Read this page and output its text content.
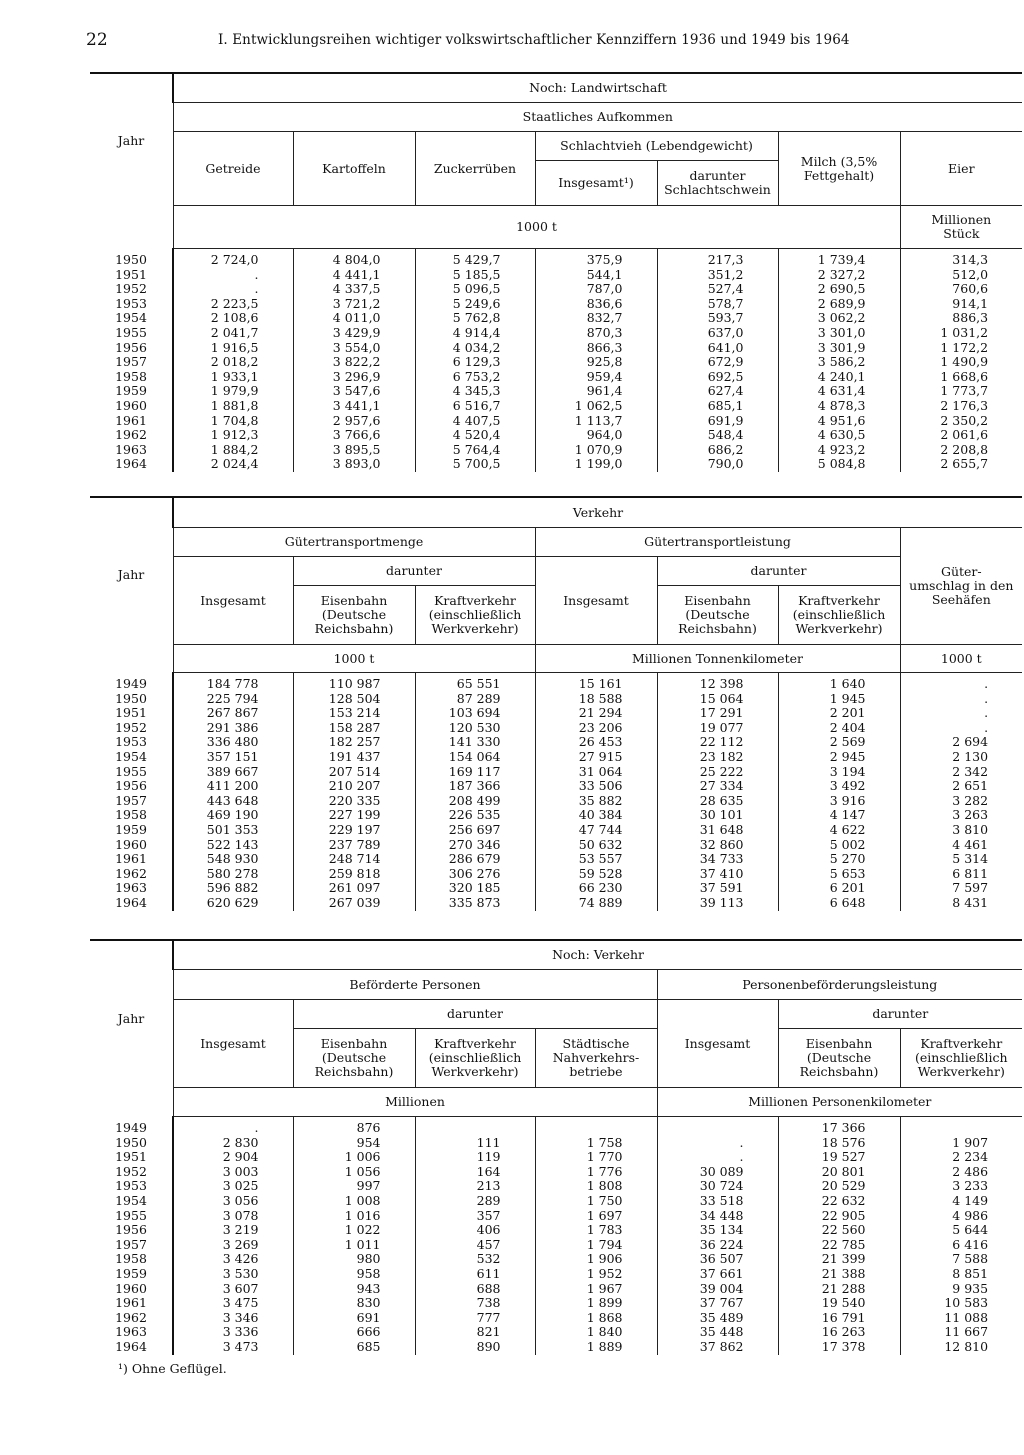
22	I. Entwicklungsreihen wichtiger volkswirtschaftlicher Kennziffern 1936 und 1949 bis 1964
Jahr	Noch: Landwirtschaft						
	Staatliches Aufkommen						
	Getreide	Kartoffeln	Zuckerrüben	Schlachtvieh (Lebendgewicht)		Milch (3,5%
Fettgehalt)	Eier
				Insgesamt¹)	darunter
Schlachtschwein		
	1000 t						Millionen
Stück
1950	2 724,0	4 804,0	5 429,7	375,9	217,3	1 739,4	314,3
1951	.	4 441,1	5 185,5	544,1	351,2	2 327,2	512,0
1952	.	4 337,5	5 096,5	787,0	527,4	2 690,5	760,6
1953	2 223,5	3 721,2	5 249,6	836,6	578,7	2 689,9	914,1
1954	2 108,6	4 011,0	5 762,8	832,7	593,7	3 062,2	886,3
1955	2 041,7	3 429,9	4 914,4	870,3	637,0	3 301,0	1 031,2
1956	1 916,5	3 554,0	4 034,2	866,3	641,0	3 301,9	1 172,2
1957	2 018,2	3 822,2	6 129,3	925,8	672,9	3 586,2	1 490,9
1958	1 933,1	3 296,9	6 753,2	959,4	692,5	4 240,1	1 668,6
1959	1 979,9	3 547,6	4 345,3	961,4	627,4	4 631,4	1 773,7
1960	1 881,8	3 441,1	6 516,7	1 062,5	685,1	4 878,3	2 176,3
1961	1 704,8	2 957,6	4 407,5	1 113,7	691,9	4 951,6	2 350,2
1962	1 912,3	3 766,6	4 520,4	964,0	548,4	4 630,5	2 061,6
1963	1 884,2	3 895,5	5 764,4	1 070,9	686,2	4 923,2	2 208,8
1964	2 024,4	3 893,0	5 700,5	1 199,0	790,0	5 084,8	2 655,7
Jahr	Verkehr						
	Gütertransportmenge			Gütertransportleistung			Güter-
umschlag in den
Seehäfen
	Insgesamt	darunter		Insgesamt	darunter		
		Eisenbahn
(Deutsche
Reichsbahn)	Kraftverkehr
(einschließlich
Werkverkehr)		Eisenbahn
(Deutsche
Reichsbahn)	Kraftverkehr
(einschließlich
Werkverkehr)	
	1000 t			Millionen Tonnenkilometer			1000 t
1949	184 778	110 987	65 551	15 161	12 398	1 640	.
1950	225 794	128 504	87 289	18 588	15 064	1 945	.
1951	267 867	153 214	103 694	21 294	17 291	2 201	.
1952	291 386	158 287	120 530	23 206	19 077	2 404	.
1953	336 480	182 257	141 330	26 453	22 112	2 569	2 694
1954	357 151	191 437	154 064	27 915	23 182	2 945	2 130
1955	389 667	207 514	169 117	31 064	25 222	3 194	2 342
1956	411 200	210 207	187 366	33 506	27 334	3 492	2 651
1957	443 648	220 335	208 499	35 882	28 635	3 916	3 282
1958	469 190	227 199	226 535	40 384	30 101	4 147	3 263
1959	501 353	229 197	256 697	47 744	31 648	4 622	3 810
1960	522 143	237 789	270 346	50 632	32 860	5 002	4 461
1961	548 930	248 714	286 679	53 557	34 733	5 270	5 314
1962	580 278	259 818	306 276	59 528	37 410	5 653	6 811
1963	596 882	261 097	320 185	66 230	37 591	6 201	7 597
1964	620 629	267 039	335 873	74 889	39 113	6 648	8 431
Jahr	Noch: Verkehr						
	Beförderte Personen				Personenbeförderungsleistung		
	Insgesamt	darunter			Insgesamt	darunter	
		Eisenbahn
(Deutsche
Reichsbahn)	Kraftverkehr
(einschließlich
Werkverkehr)	Städtische
Nahverkehrs-
betriebe		Eisenbahn
(Deutsche
Reichsbahn)	Kraftverkehr
(einschließlich
Werkverkehr)
	Millionen				Millionen Personenkilometer		
1949	.	876				17 366	
1950	2 830	954	111	1 758	.	18 576	1 907
1951	2 904	1 006	119	1 770	.	19 527	2 234
1952	3 003	1 056	164	1 776	30 089	20 801	2 486
1953	3 025	997	213	1 808	30 724	20 529	3 233
1954	3 056	1 008	289	1 750	33 518	22 632	4 149
1955	3 078	1 016	357	1 697	34 448	22 905	4 986
1956	3 219	1 022	406	1 783	35 134	22 560	5 644
1957	3 269	1 011	457	1 794	36 224	22 785	6 416
1958	3 426	980	532	1 906	36 507	21 399	7 588
1959	3 530	958	611	1 952	37 661	21 388	8 851
1960	3 607	943	688	1 967	39 004	21 288	9 935
1961	3 475	830	738	1 899	37 767	19 540	10 583
1962	3 346	691	777	1 868	35 489	16 791	11 088
1963	3 336	666	821	1 840	35 448	16 263	11 667
1964	3 473	685	890	1 889	37 862	17 378	12 810
¹) Ohne Geflügel.
